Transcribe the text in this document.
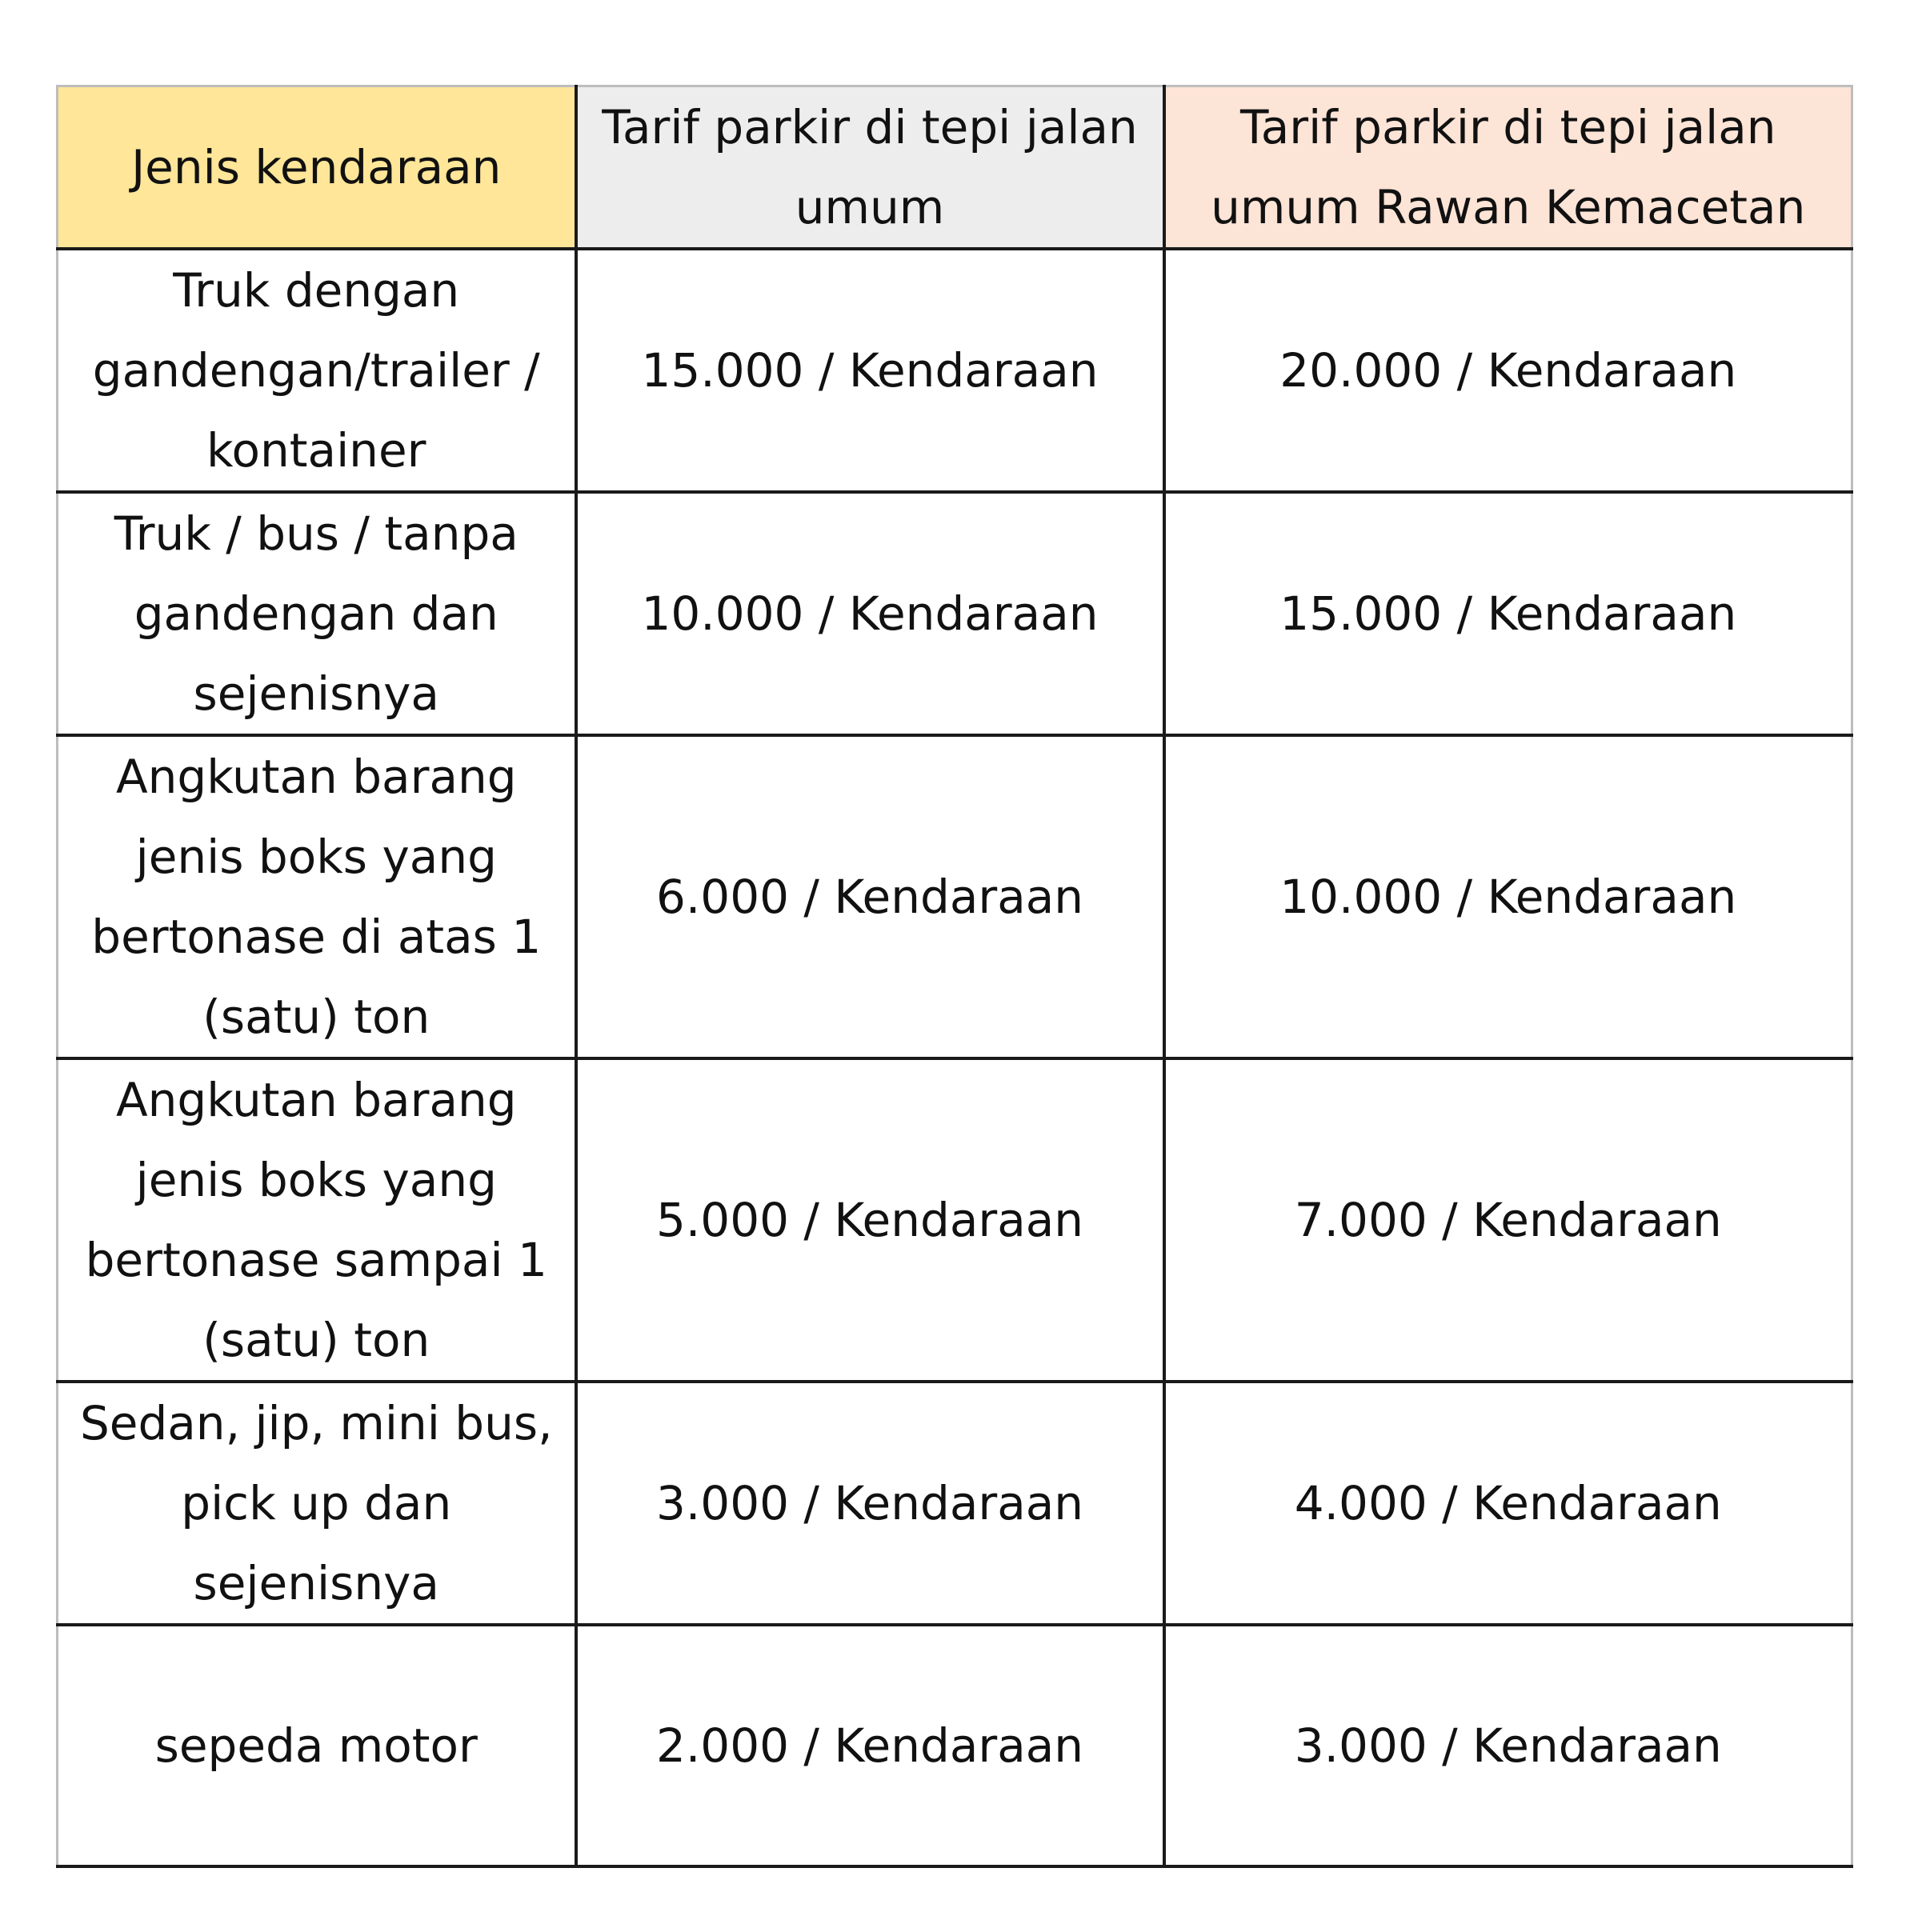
Jenis kendaraan	Tarif parkir di tepi jalan umum	Tarif parkir di tepi jalan umum Rawan Kemacetan
Truk dengan gandengan/trailer / kontainer	15.000 / Kendaraan	20.000 / Kendaraan
Truk / bus / tanpa gandengan dan sejenisnya	10.000 / Kendaraan	15.000 / Kendaraan
Angkutan barang jenis boks yang bertonase di atas 1 (satu) ton	6.000 / Kendaraan	10.000 / Kendaraan
Angkutan barang jenis boks yang bertonase sampai 1 (satu) ton	5.000 / Kendaraan	7.000 / Kendaraan
Sedan, jip, mini bus, pick up dan sejenisnya	3.000 / Kendaraan	4.000 / Kendaraan
sepeda motor	2.000 / Kendaraan	3.000 / Kendaraan
